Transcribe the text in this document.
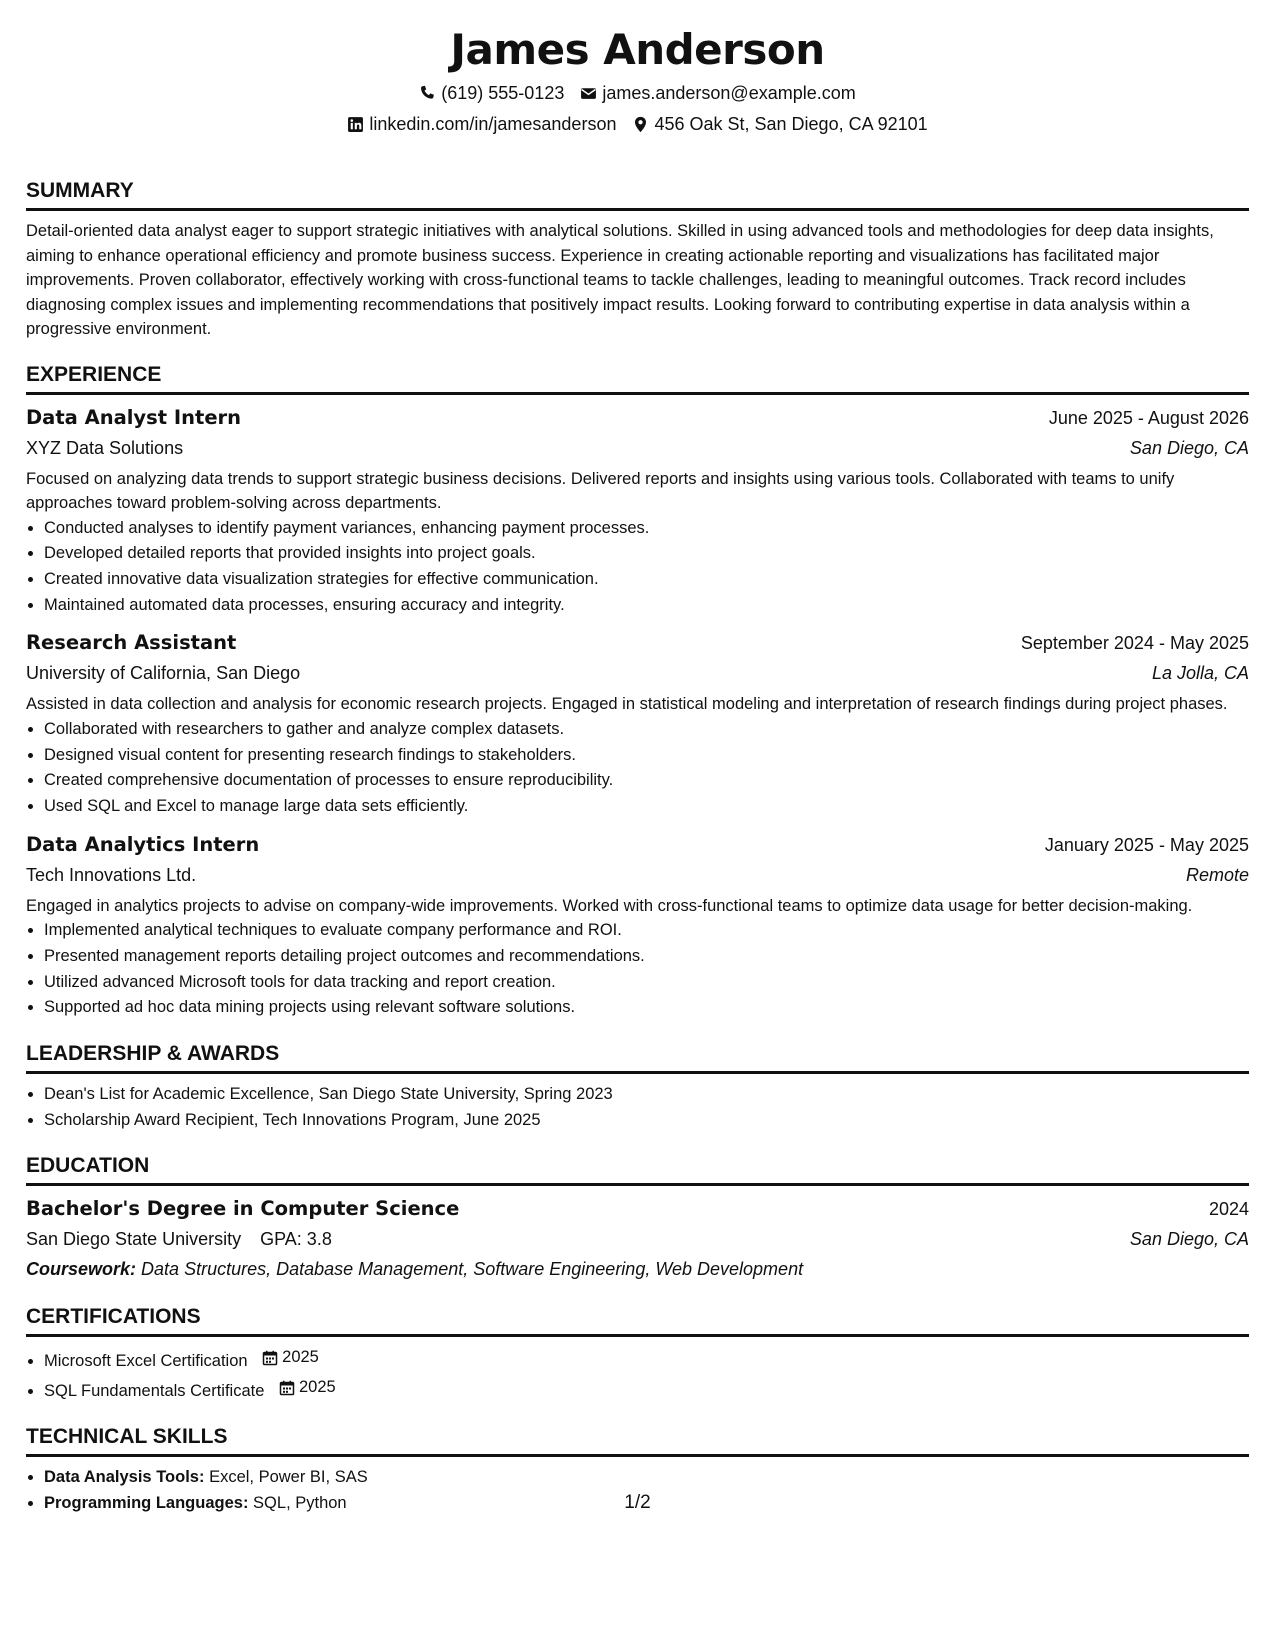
James Anderson
(619) 555-0123 james.anderson@example.com
linkedin.com/in/jamesanderson 456 Oak St, San Diego, CA 92101
SUMMARY

Detail-oriented data analyst eager to support strategic initiatives with analytical solutions. Skilled in using advanced tools and methodologies for deep data insights, aiming to enhance operational efficiency and promote business success. Experience in creating actionable reporting and visualizations has facilitated major improvements. Proven collaborator, effectively working with cross-functional teams to tackle challenges, leading to meaningful outcomes. Track record includes diagnosing complex issues and implementing recommendations that positively impact results. Looking forward to contributing expertise in data analysis within a progressive environment.

EXPERIENCE
Data Analyst Intern	June 2025 - August 2026
XYZ Data Solutions	San Diego, CA

Focused on analyzing data trends to support strategic business decisions. Delivered reports and insights using various tools. Collaborated with teams to unify approaches toward problem-solving across departments.

• Conducted analyses to identify payment variances, enhancing payment processes.
• Developed detailed reports that provided insights into project goals.
• Created innovative data visualization strategies for effective communication.
• Maintained automated data processes, ensuring accuracy and integrity.
Research Assistant	September 2024 - May 2025
University of California, San Diego	La Jolla, CA

Assisted in data collection and analysis for economic research projects. Engaged in statistical modeling and interpretation of research findings during project phases.

• Collaborated with researchers to gather and analyze complex datasets.
• Designed visual content for presenting research findings to stakeholders.
• Created comprehensive documentation of processes to ensure reproducibility.
• Used SQL and Excel to manage large data sets efficiently.
Data Analytics Intern	January 2025 - May 2025
Tech Innovations Ltd.	Remote

Engaged in analytics projects to advise on company-wide improvements. Worked with cross-functional teams to optimize data usage for better decision-making.

• Implemented analytical techniques to evaluate company performance and ROI.
• Presented management reports detailing project outcomes and recommendations.
• Utilized advanced Microsoft tools for data tracking and report creation.
• Supported ad hoc data mining projects using relevant software solutions.
LEADERSHIP & AWARDS
• Dean's List for Academic Excellence, San Diego State University, Spring 2023
• Scholarship Award Recipient, Tech Innovations Program, June 2025
EDUCATION
Bachelor's Degree in Computer Science	2024
San Diego State University GPA: 3.8	San Diego, CA
Coursework: Data Structures, Database Management, Software Engineering, Web Development
CERTIFICATIONS
• Microsoft Excel Certification 2025
• SQL Fundamentals Certificate 2025
TECHNICAL SKILLS
• Data Analysis Tools: Excel, Power BI, SAS
• Programming Languages: SQL, Python	1/2
